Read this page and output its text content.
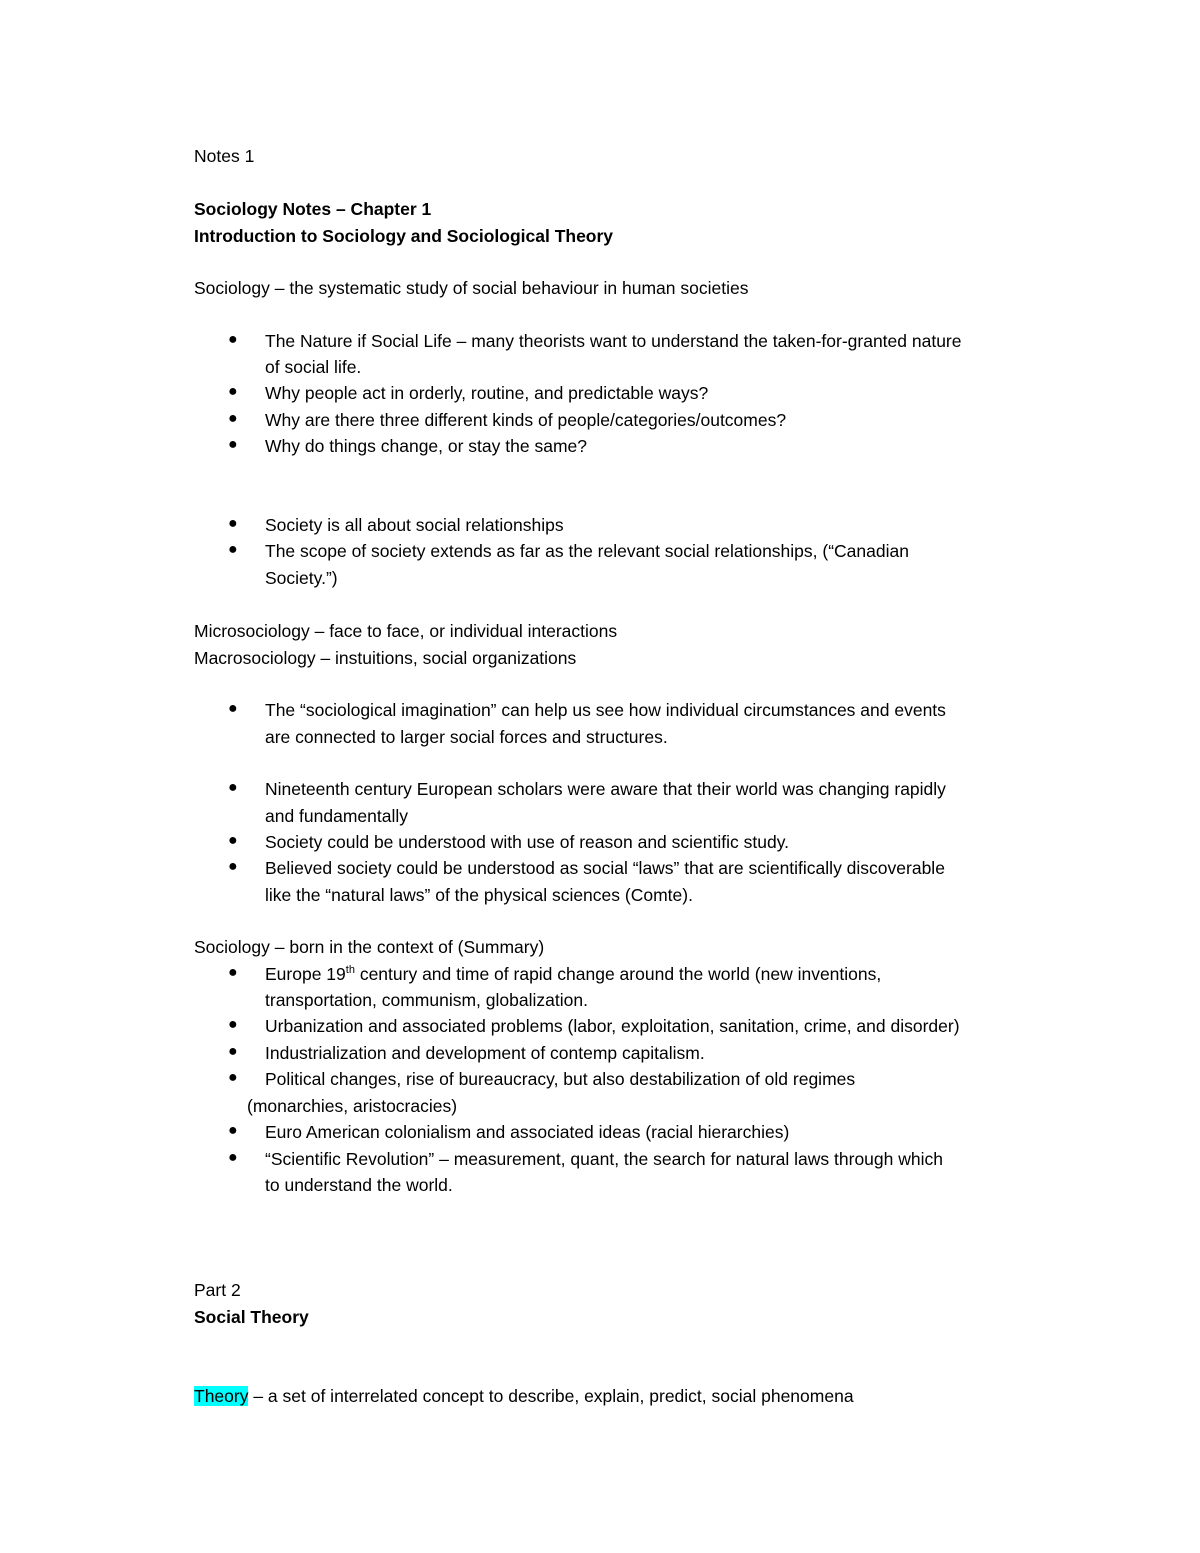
Notes 1
Sociology Notes – Chapter 1
Introduction to Sociology and Sociological Theory
Sociology – the systematic study of social behaviour in human societies
● The Nature if Social Life – many theorists want to understand the taken-for-granted nature
of social life.
● Why people act in orderly, routine, and predictable ways?
● Why are there three different kinds of people/categories/outcomes?
● Why do things change, or stay the same?
● Society is all about social relationships
● The scope of society extends as far as the relevant social relationships, (“Canadian
Society.”)
Microsociology – face to face, or individual interactions
Macrosociology – instuitions, social organizations
● The “sociological imagination” can help us see how individual circumstances and events
are connected to larger social forces and structures.
● Nineteenth century European scholars were aware that their world was changing rapidly
and fundamentally
● Society could be understood with use of reason and scientific study.
● Believed society could be understood as social “laws” that are scientifically discoverable
like the “natural laws” of the physical sciences (Comte).
Sociology – born in the context of (Summary)
● Europe 19th century and time of rapid change around the world (new inventions,
transportation, communism, globalization.
● Urbanization and associated problems (labor, exploitation, sanitation, crime, and disorder)
● Industrialization and development of contemp capitalism.
● Political changes, rise of bureaucracy, but also destabilization of old regimes
(monarchies, aristocracies)
● Euro American colonialism and associated ideas (racial hierarchies)
● “Scientific Revolution” – measurement, quant, the search for natural laws through which
to understand the world.
Part 2
Social Theory
Theory – a set of interrelated concept to describe, explain, predict, social phenomena
